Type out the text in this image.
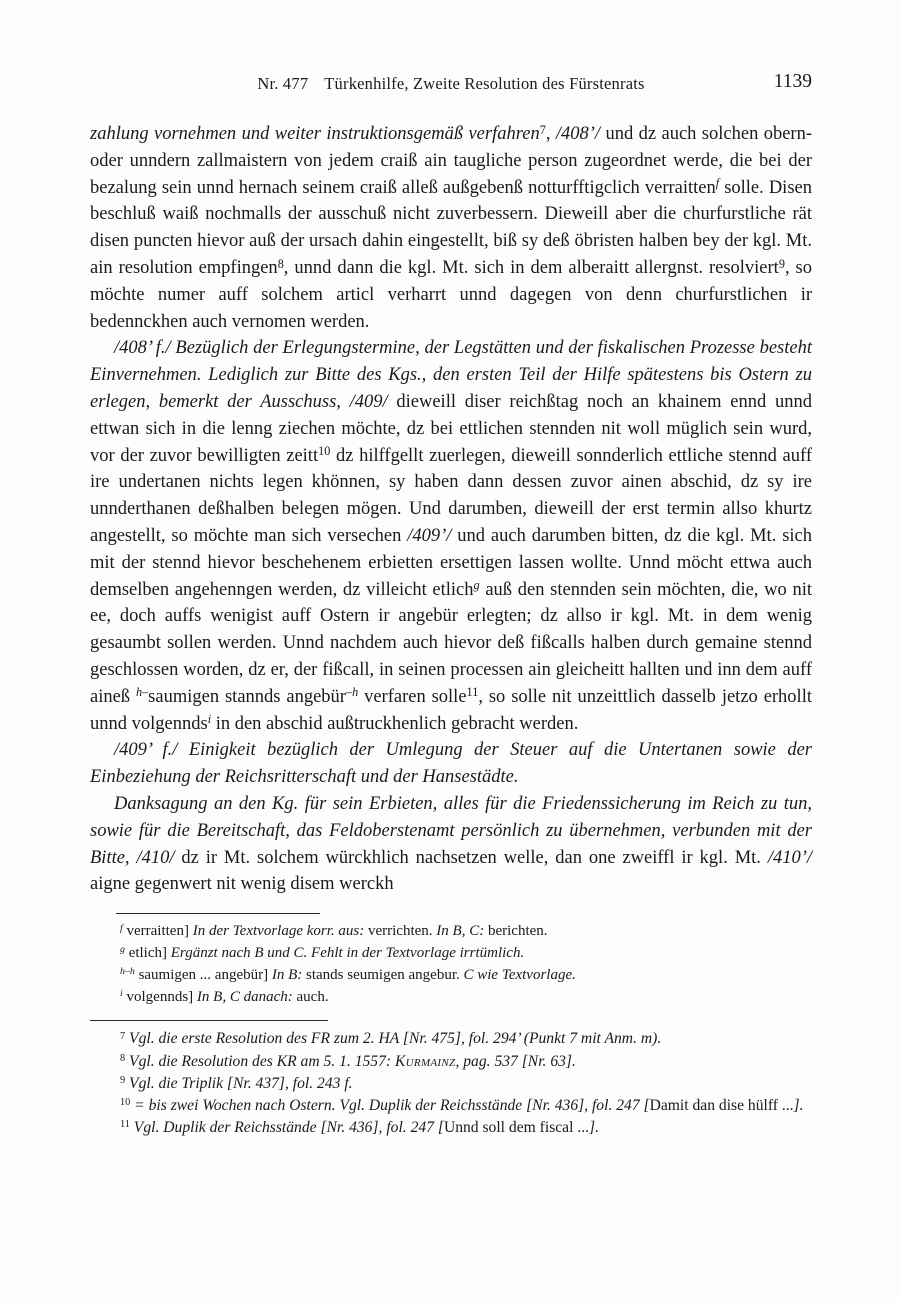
Nr. 477 Türkenhilfe, Zweite Resolution des Fürstenrats	1139

zahlung vornehmen und weiter instruktionsgemäß verfahren$^7$, /408’/ und dz auch solchen obern- oder unndern zallmaistern von jedem craiß ain taugliche person zugeordnet werde, die bei der bezalung sein unnd hernach seinem craiß alleß außgebenß notturfftigclich verraitten$^f$ solle. Disen beschluß waiß nochmalls der ausschuß nicht zuverbessern. Dieweill aber die churfurstliche rät disen puncten hievor auß der ursach dahin eingestellt, biß sy deß öbristen halben bey der kgl. Mt. ain resolution empfingen$^8$, unnd dann die kgl. Mt. sich in dem alberaitt allergnst. resolviert$^9$, so möchte numer auff solchem articl verharrt unnd dagegen von denn churfurstlichen ir bedennckhen auch vernomen werden.

/408’ f./ Bezüglich der Erlegungstermine, der Legstätten und der fiskalischen Prozesse besteht Einvernehmen. Lediglich zur Bitte des Kgs., den ersten Teil der Hilfe spätestens bis Ostern zu erlegen, bemerkt der Ausschuss, /409/ dieweill diser reichßtag noch an khainem ennd unnd ettwan sich in die lenng ziechen möchte, dz bei ettlichen stennden nit woll müglich sein wurd, vor der zuvor bewilligten zeitt$^{10}$ dz hilffgellt zuerlegen, dieweill sonnderlich ettliche stennd auff ire undertanen nichts legen khönnen, sy haben dann dessen zuvor ainen abschid, dz sy ire unnderthanen deßhalben belegen mögen. Und darumben, dieweill der erst termin allso khurtz angestellt, so möchte man sich versechen /409’/ und auch darumben bitten, dz die kgl. Mt. sich mit der stennd hievor beschehenem erbietten ersettigen lassen wollte. Unnd möcht ettwa auch demselben angehenngen werden, dz villeicht etlich$^g$ auß den stennden sein möchten, die, wo nit ee, doch auffs wenigist auff Ostern ir angebür erlegten; dz allso ir kgl. Mt. in dem wenig gesaumbt sollen werden. Unnd nachdem auch hievor deß fißcalls halben durch gemaine stennd geschlossen worden, dz er, der fißcall, in seinen processen ain gleicheitt hallten und inn dem auff aineß $^{h-}$saumigen stannds angebür$^{-h}$ verfaren solle$^{11}$, so solle nit unzeittlich dasselb jetzo erhollt unnd volgennds$^i$ in den abschid außtruckhenlich gebracht werden.

/409’ f./ Einigkeit bezüglich der Umlegung der Steuer auf die Untertanen sowie der Einbeziehung der Reichsritterschaft und der Hansestädte.

Danksagung an den Kg. für sein Erbieten, alles für die Friedenssicherung im Reich zu tun, sowie für die Bereitschaft, das Feldoberstenamt persönlich zu übernehmen, verbunden mit der Bitte, /410/ dz ir Mt. solchem würckhlich nachsetzen welle, dan one zweiffl ir kgl. Mt. /410’/ aigne gegenwert nit wenig disem werckh

$^f$ verraitten] In der Textvorlage korr. aus: verrichten. In B, C: berichten.

$^g$ etlich] Ergänzt nach B und C. Fehlt in der Textvorlage irrtümlich.

$^{h-h}$ saumigen ... angebür] In B: stands seumigen angebur. C wie Textvorlage.

$^i$ volgennds] In B, C danach: auch.

$^7$ Vgl. die erste Resolution des FR zum 2. HA [Nr. 475], fol. 294’ (Punkt 7 mit Anm. m).

$^8$ Vgl. die Resolution des KR am 5. 1. 1557: Kurmainz, pag. 537 [Nr. 63].

$^9$ Vgl. die Triplik [Nr. 437], fol. 243 f.

$^{10}$ = bis zwei Wochen nach Ostern. Vgl. Duplik der Reichsstände [Nr. 436], fol. 247 [Damit dan dise hülff ...].

$^{11}$ Vgl. Duplik der Reichsstände [Nr. 436], fol. 247 [Unnd soll dem fiscal ...].
